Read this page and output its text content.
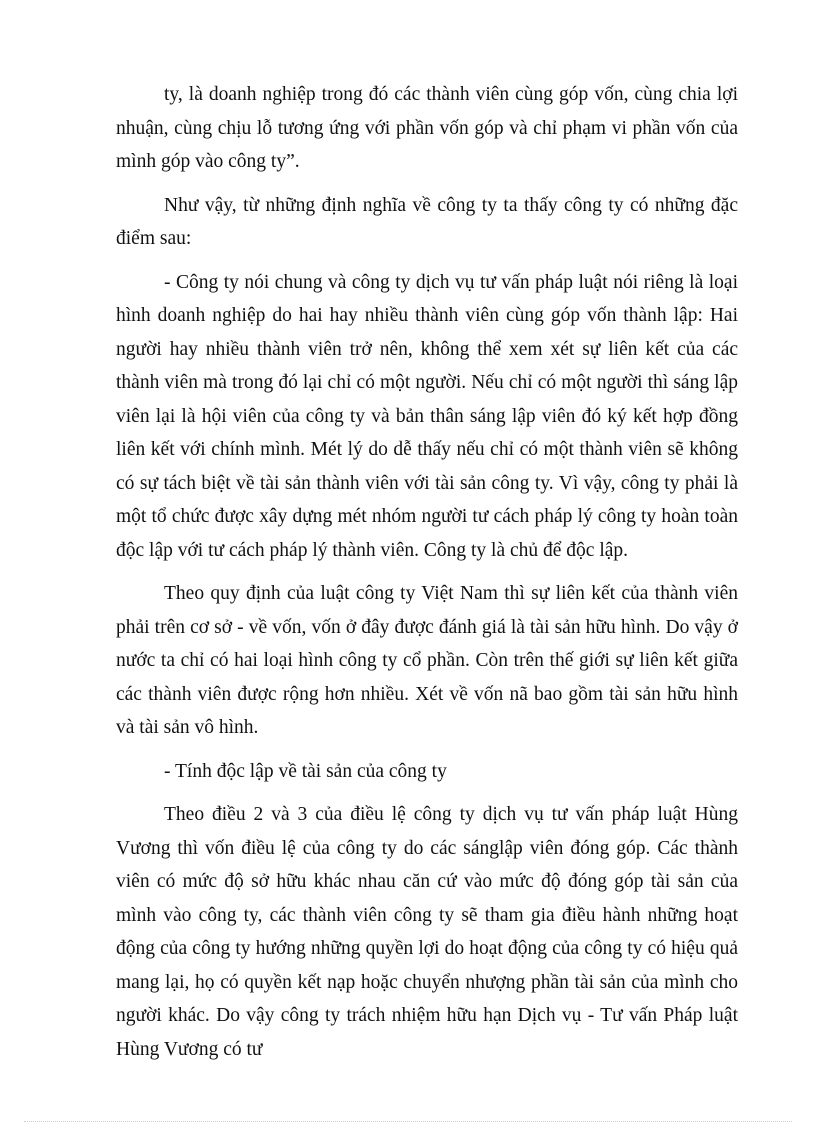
ty, là doanh nghiệp trong đó các thành viên cùng góp vốn, cùng chia lợi nhuận, cùng chịu lỗ tương ứng với phần vốn góp và chỉ phạm vi phần vốn của mình góp vào công ty”.

Như vậy, từ những định nghĩa về công ty ta thấy công ty có những đặc điểm sau:

- Công ty nói chung và công ty dịch vụ tư vấn pháp luật nói riêng là loại hình doanh nghiệp do hai hay nhiều thành viên cùng góp vốn thành lập: Hai người hay nhiều thành viên trở nên, không thể xem xét sự liên kết của các thành viên mà trong đó lại chỉ có một người. Nếu chỉ có một người thì sáng lập viên lại là hội viên của công ty và bản thân sáng lập viên đó ký kết hợp đồng liên kết với chính mình. Mét lý do dễ thấy nếu chỉ có một thành viên sẽ không có sự tách biệt về tài sản thành viên với tài sản công ty. Vì vậy, công ty phải là một tổ chức được xây dựng mét nhóm người tư cách pháp lý công ty hoàn toàn độc lập với tư cách pháp lý thành viên. Công ty là chủ để độc lập.

Theo quy định của luật công ty Việt Nam thì sự liên kết của thành viên phải trên cơ sở - về vốn, vốn ở đây được đánh giá là tài sản hữu hình. Do vậy ở nước ta chỉ có hai loại hình công ty cổ phần. Còn trên thế giới sự liên kết giữa các thành viên được rộng hơn nhiều. Xét về vốn nã bao gồm tài sản hữu hình và tài sản vô hình.

- Tính độc lập về tài sản của công ty

Theo điều 2 và 3 của điều lệ công ty dịch vụ tư vấn pháp luật Hùng Vương thì vốn điều lệ của công ty do các sánglập viên đóng góp. Các thành viên có mức độ sở hữu khác nhau căn cứ vào mức độ đóng góp tài sản của mình vào công ty, các thành viên công ty sẽ tham gia điều hành những hoạt động của công ty hướng những quyền lợi do hoạt động của công ty có hiệu quả mang lại, họ có quyền kết nạp hoặc chuyển nhượng phần tài sản của mình cho người khác. Do vậy công ty trách nhiệm hữu hạn Dịch vụ - Tư vấn Pháp luật Hùng Vương có tư
